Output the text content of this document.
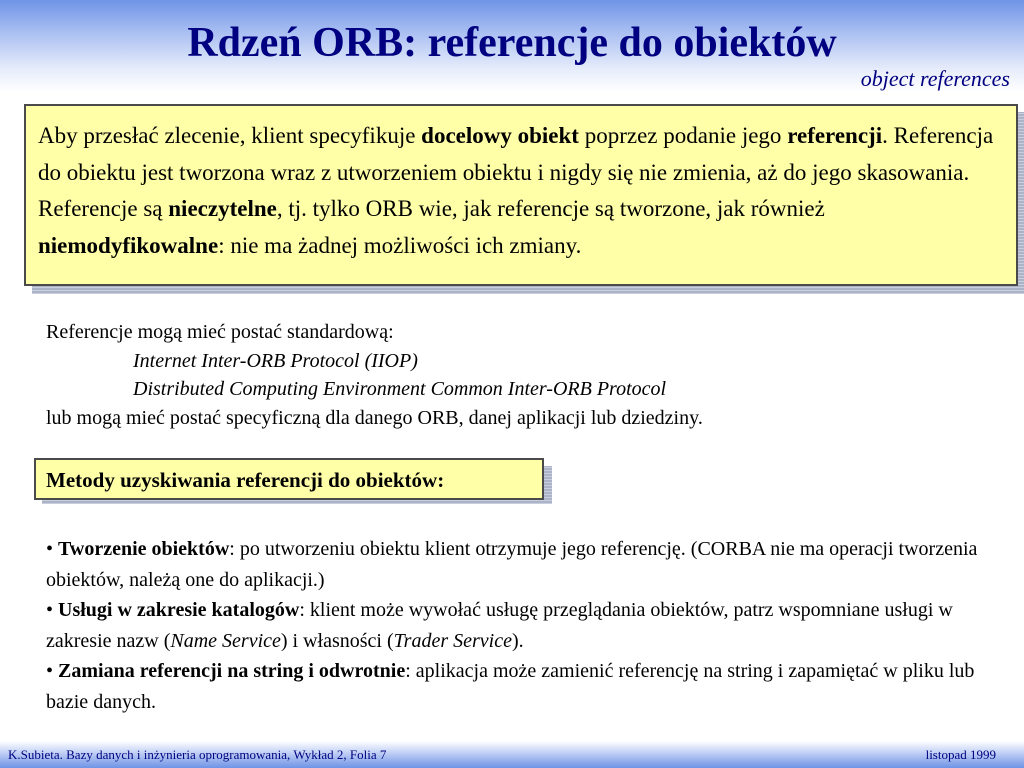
Rdzeń ORB: referencje do obiektów
object references
Aby przesłać zlecenie, klient specyfikuje docelowy obiekt poprzez podanie jego referencji. Referencja do obiektu jest tworzona wraz z utworzeniem obiektu i nigdy się nie zmienia, aż do jego skasowania. Referencje są nieczytelne, tj. tylko ORB wie, jak referencje są tworzone, jak również niemodyfikowalne: nie ma żadnej możliwości ich zmiany.
Referencje mogą mieć postać standardową:
Internet Inter-ORB Protocol (IIOP)
Distributed Computing Environment Common Inter-ORB Protocol
lub mogą mieć postać specyficzną dla danego ORB, danej aplikacji lub dziedziny.
Metody uzyskiwania referencji do obiektów:
• Tworzenie obiektów: po utworzeniu obiektu klient otrzymuje jego referencję. (CORBA nie ma operacji tworzenia obiektów, należą one do aplikacji.)
• Usługi w zakresie katalogów: klient może wywołać usługę przeglądania obiektów, patrz wspomniane usługi w zakresie nazw (Name Service) i własności (Trader Service).
• Zamiana referencji na string i odwrotnie: aplikacja może zamienić referencję na string i zapamiętać w pliku lub bazie danych.
K.Subieta. Bazy danych i inżynieria oprogramowania, Wykład 2, Folia 7	listopad 1999
